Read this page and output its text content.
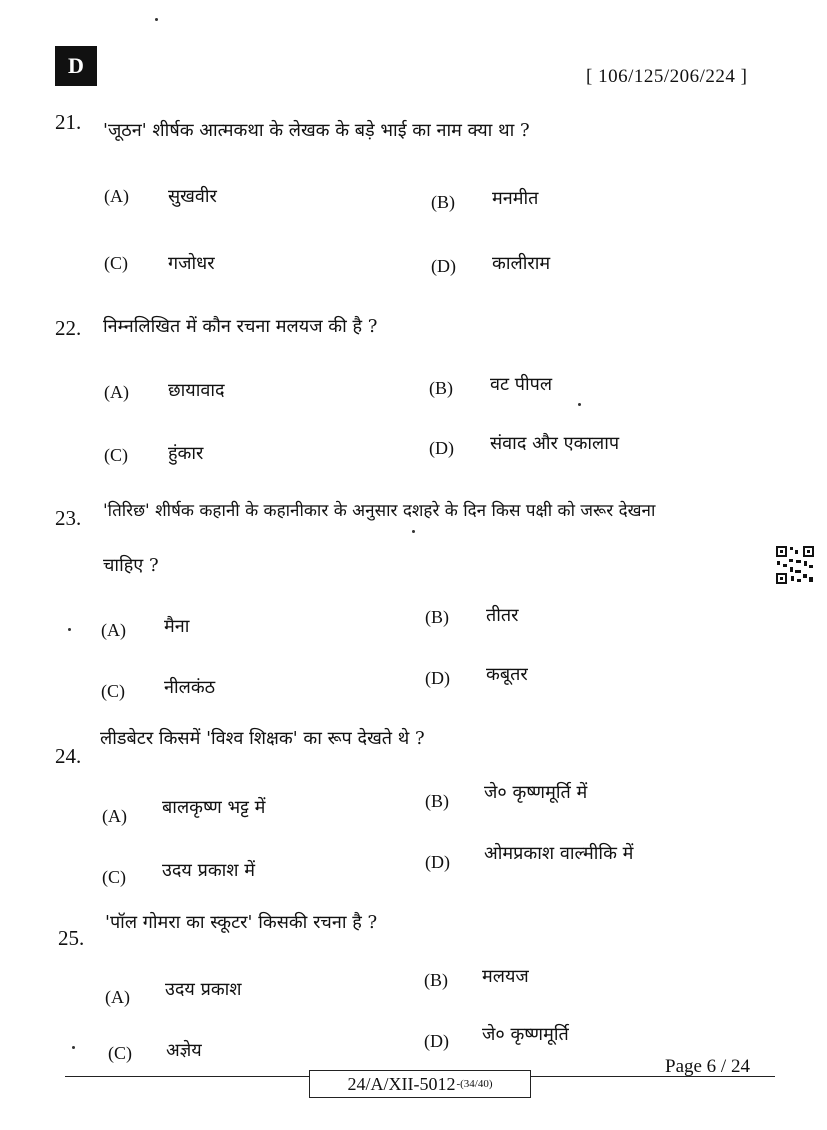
D	[ 106/125/206/224 ]
21. 'जूठन' शीर्षक आत्मकथा के लेखक के बड़े भाई का नाम क्या था ?
(A) सुखवीर	(B) मनमीत
(C) गजोधर	(D) कालीराम
22. निम्नलिखित में कौन रचना मलयज की है ?
(A) छायावाद	(B) वट पीपल
(C) हुंकार	(D) संवाद और एकालाप
23. 'तिरिछ' शीर्षक कहानी के कहानीकार के अनुसार दशहरे के दिन किस पक्षी को जरूर देखना
चाहिए ?
(A) मैना	(B) तीतर
(C) नीलकंठ	(D) कबूतर
24.
लीडबेटर किसमें 'विश्व शिक्षक' का रूप देखते थे ?
(A) बालकृष्ण भट्ट में	(B) जे० कृष्णमूर्ति में
(C) उदय प्रकाश में	(D) ओमप्रकाश वाल्मीकि में
25.
'पॉल गोमरा का स्कूटर' किसकी रचना है ?
(A) उदय प्रकाश	(B) मलयज
(C) अज्ञेय	(D) जे० कृष्णमूर्ति
24/A/XII-5012 -(34/40)
Page 6 / 24
